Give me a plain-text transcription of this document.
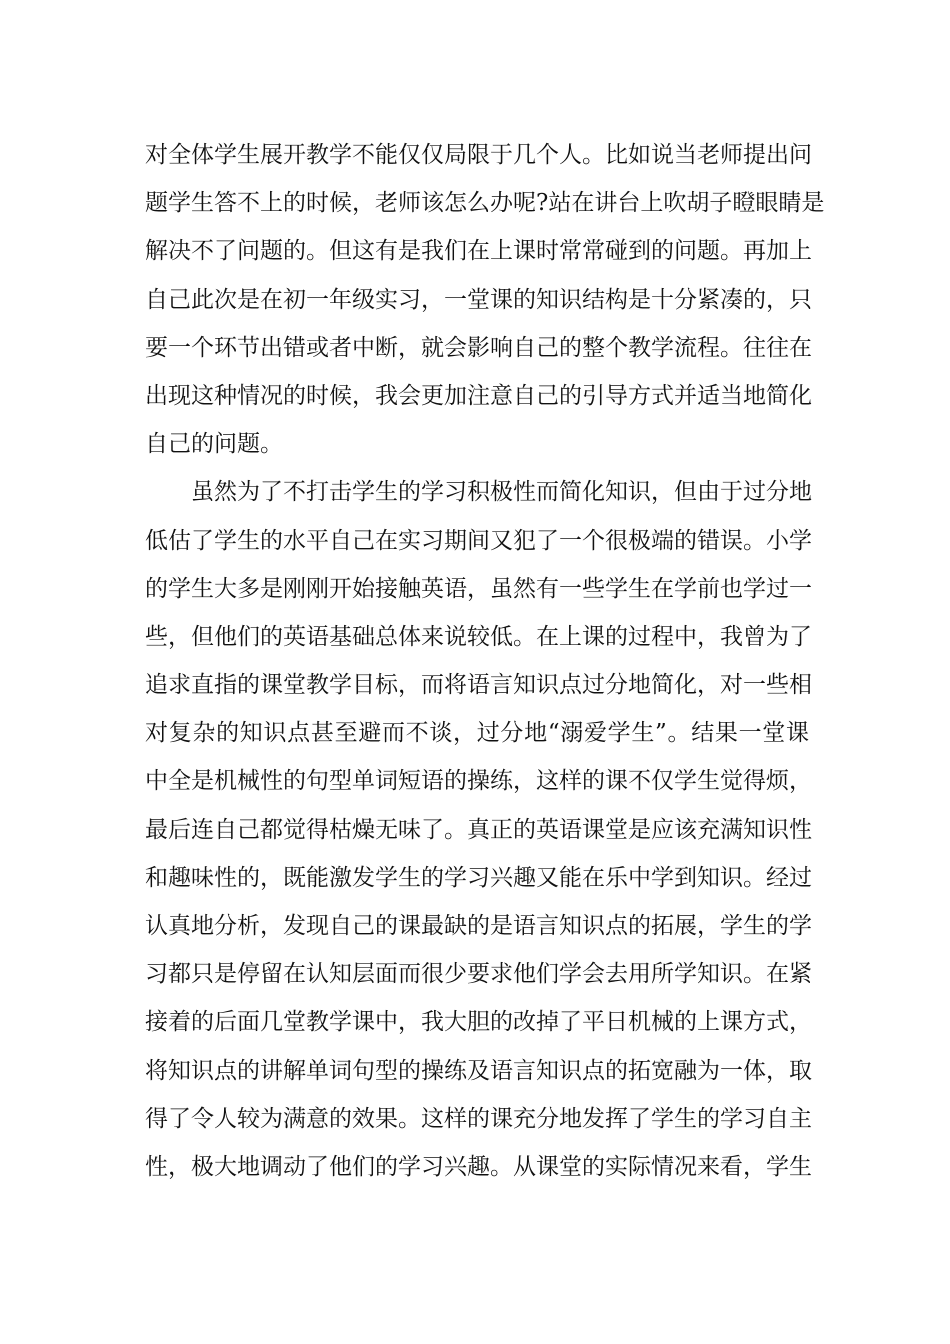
对全体学生展开教学不能仅仅局限于几个人。比如说当老师提出问
题学生答不上的时候，老师该怎么办呢?站在讲台上吹胡子瞪眼睛是
解决不了问题的。但这有是我们在上课时常常碰到的问题。再加上
自己此次是在初一年级实习，一堂课的知识结构是十分紧凑的，只
要一个环节出错或者中断，就会影响自己的整个教学流程。往往在
出现这种情况的时候，我会更加注意自己的引导方式并适当地简化
自己的问题。
虽然为了不打击学生的学习积极性而简化知识，但由于过分地
低估了学生的水平自己在实习期间又犯了一个很极端的错误。小学
的学生大多是刚刚开始接触英语，虽然有一些学生在学前也学过一
些，但他们的英语基础总体来说较低。在上课的过程中，我曾为了
追求直指的课堂教学目标，而将语言知识点过分地简化，对一些相
对复杂的知识点甚至避而不谈，过分地“溺爱学生”。结果一堂课
中全是机械性的句型单词短语的操练，这样的课不仅学生觉得烦，
最后连自己都觉得枯燥无味了。真正的英语课堂是应该充满知识性
和趣味性的，既能激发学生的学习兴趣又能在乐中学到知识。经过
认真地分析，发现自己的课最缺的是语言知识点的拓展，学生的学
习都只是停留在认知层面而很少要求他们学会去用所学知识。在紧
接着的后面几堂教学课中，我大胆的改掉了平日机械的上课方式，
将知识点的讲解单词句型的操练及语言知识点的拓宽融为一体，取
得了令人较为满意的效果。这样的课充分地发挥了学生的学习自主
性，极大地调动了他们的学习兴趣。从课堂的实际情况来看，学生
